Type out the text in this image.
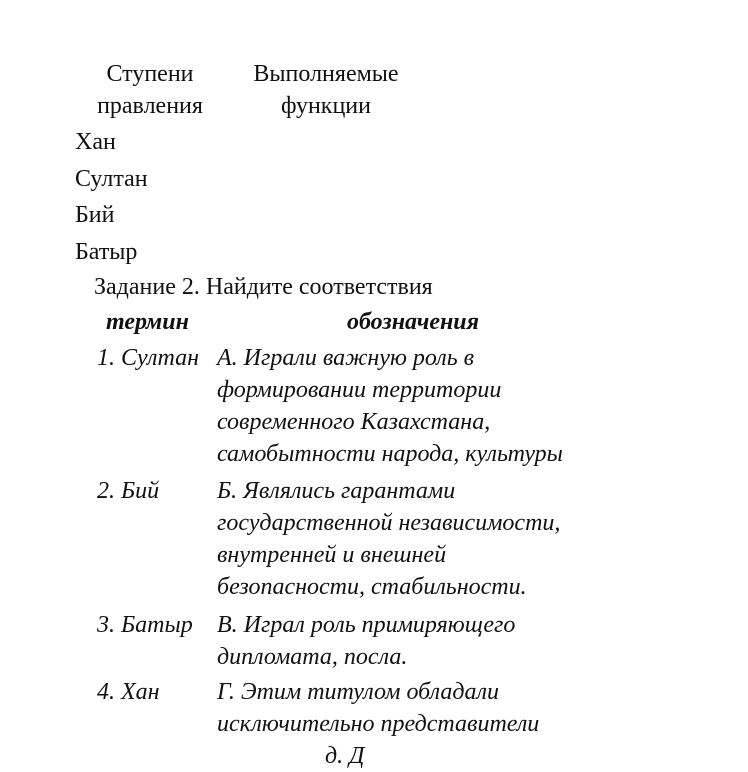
Ступени
правления
Выполняемые
функции
Хан
Султан
Бий
Батыр
Задание 2. Найдите соответствия
термин	обозначения
1. Султан А. Играли важную роль в
формировании территории
современного Казахстана,
самобытности народа, культуры
2. Бий Б. Являлись гарантами
государственной независимости,
внутренней и внешней
безопасности, стабильности.
3. Батыр В. Играл роль примиряющего
дипломата, посла.
4. Хан Г. Этим титулом обладали
исключительно представители
д. Д
